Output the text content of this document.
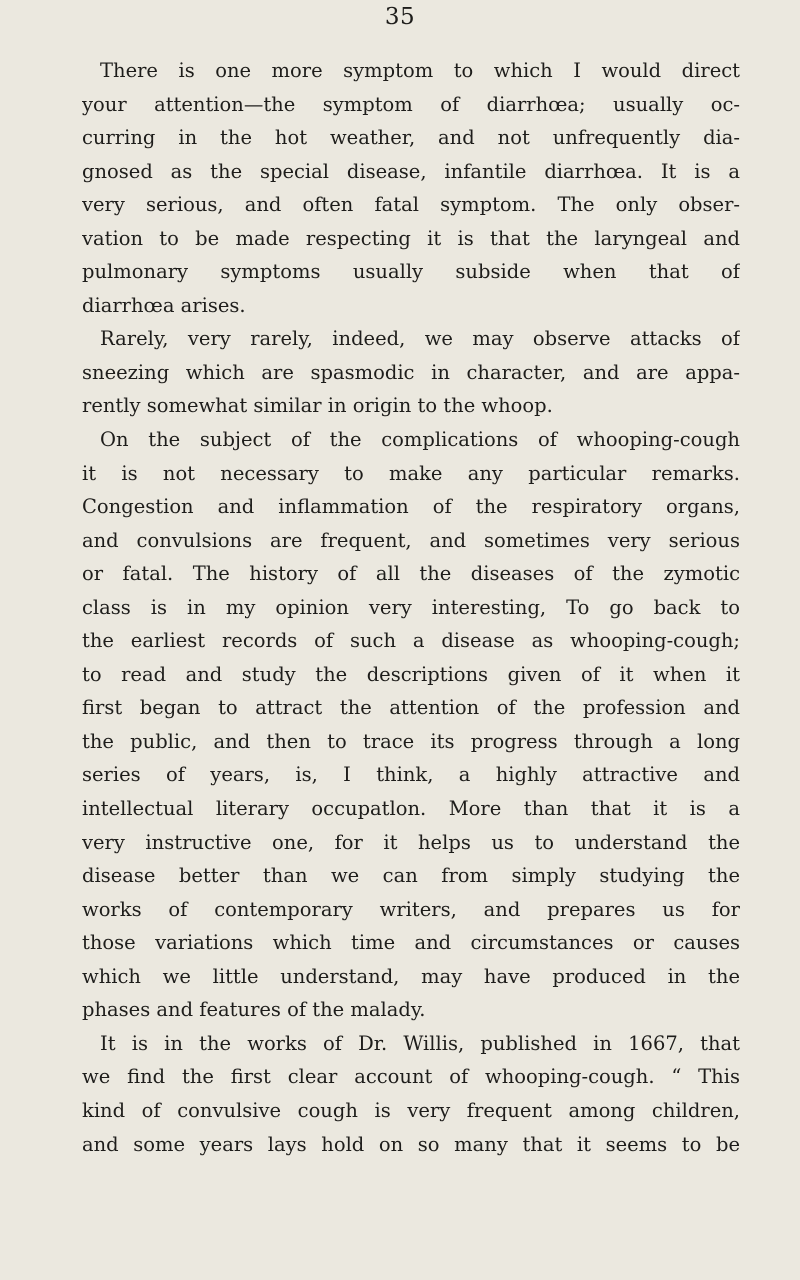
35
There is one more symptom to which I would direct
your attention—the symptom of diarrhœa; usually oc-
curring in the hot weather, and not unfrequently dia-
gnosed as the special disease, infantile diarrhœa. It is a
very serious, and often fatal symptom. The only obser-
vation to be made respecting it is that the laryngeal and
pulmonary symptoms usually subside when that of
diarrhœa arises.
Rarely, very rarely, indeed, we may observe attacks of
sneezing which are spasmodic in character, and are appa-
rently somewhat similar in origin to the whoop.
On the subject of the complications of whooping-cough
it is not necessary to make any particular remarks.
Congestion and inflammation of the respiratory organs,
and convulsions are frequent, and sometimes very serious
or fatal. The history of all the diseases of the zymotic
class is in my opinion very interesting, To go back to
the earliest records of such a disease as whooping-cough;
to read and study the descriptions given of it when it
first began to attract the attention of the profession and
the public, and then to trace its progress through a long
series of years, is, I think, a highly attractive and
intellectual literary occupatlon. More than that it is a
very instructive one, for it helps us to understand the
disease better than we can from simply studying the
works of contemporary writers, and prepares us for
those variations which time and circumstances or causes
which we little understand, may have produced in the
phases and features of the malady.
It is in the works of Dr. Willis, published in 1667, that
we find the first clear account of whooping-cough. “ This
kind of convulsive cough is very frequent among children,
and some years lays hold on so many that it seems to be
